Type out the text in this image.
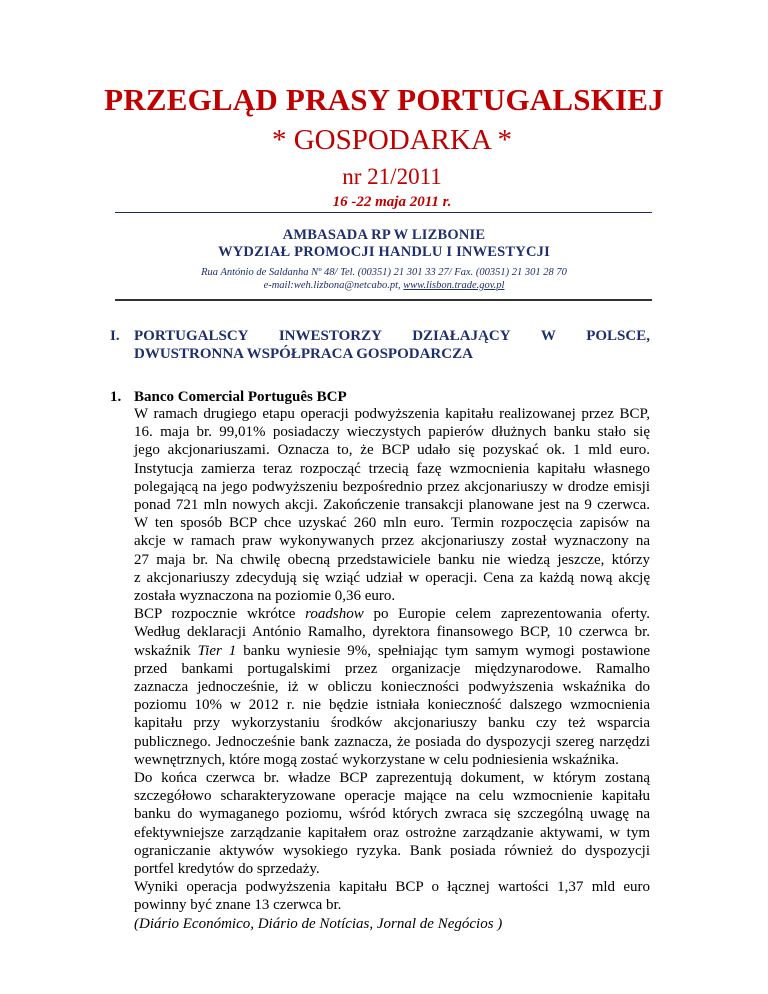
PRZEGLĄD PRASY PORTUGALSKIEJ
* GOSPODARKA *
nr 21/2011
16 -22 maja 2011 r.
AMBASADA RP W LIZBONIE
WYDZIAŁ PROMOCJI HANDLU I INWESTYCJI
Rua António de Saldanha Nº 48/ Tel. (00351) 21 301 33 27/ Fax. (00351) 21 301 28 70
e-mail:weh.lizbona@netcabo.pt, www.lisbon.trade.gov.pl
I. PORTUGALSCY INWESTORZY DZIAŁAJĄCY W POLSCE,
DWUSTRONNA WSPÓŁPRACA GOSPODARCZA
1. Banco Comercial Português BCP

W ramach drugiego etapu operacji podwyższenia kapitału realizowanej przez BCP,
16. maja br. 99,01% posiadaczy wieczystych papierów dłużnych banku stało się
jego akcjonariuszami. Oznacza to, że BCP udało się pozyskać ok. 1 mld euro.
Instytucja zamierza teraz rozpocząć trzecią fazę wzmocnienia kapitału własnego
polegającą na jego podwyższeniu bezpośrednio przez akcjonariuszy w drodze emisji
ponad 721 mln nowych akcji. Zakończenie transakcji planowane jest na 9 czerwca.
W ten sposób BCP chce uzyskać 260 mln euro. Termin rozpoczęcia zapisów na
akcje w ramach praw wykonywanych przez akcjonariuszy został wyznaczony na
27 maja br. Na chwilę obecną przedstawiciele banku nie wiedzą jeszcze, którzy
z akcjonariuszy zdecydują się wziąć udział w operacji. Cena za każdą nową akcję
została wyznaczona na poziomie 0,36 euro.

BCP rozpocznie wkrótce roadshow po Europie celem zaprezentowania oferty.
Według deklaracji António Ramalho, dyrektora finansowego BCP, 10 czerwca br.
wskaźnik Tier 1 banku wyniesie 9%, spełniając tym samym wymogi postawione
przed bankami portugalskimi przez organizacje międzynarodowe. Ramalho
zaznacza jednocześnie, iż w obliczu konieczności podwyższenia wskaźnika do
poziomu 10% w 2012 r. nie będzie istniała konieczność dalszego wzmocnienia
kapitału przy wykorzystaniu środków akcjonariuszy banku czy też wsparcia
publicznego. Jednocześnie bank zaznacza, że posiada do dyspozycji szereg narzędzi
wewnętrznych, które mogą zostać wykorzystane w celu podniesienia wskaźnika.

Do końca czerwca br. władze BCP zaprezentują dokument, w którym zostaną
szczegółowo scharakteryzowane operacje mające na celu wzmocnienie kapitału
banku do wymaganego poziomu, wśród których zwraca się szczególną uwagę na
efektywniejsze zarządzanie kapitałem oraz ostrożne zarządzanie aktywami, w tym
ograniczanie aktywów wysokiego ryzyka. Bank posiada również do dyspozycji
portfel kredytów do sprzedaży.

Wyniki operacja podwyższenia kapitału BCP o łącznej wartości 1,37 mld euro
powinny być znane 13 czerwca br.
(Diário Económico, Diário de Notícias, Jornal de Negócios )
